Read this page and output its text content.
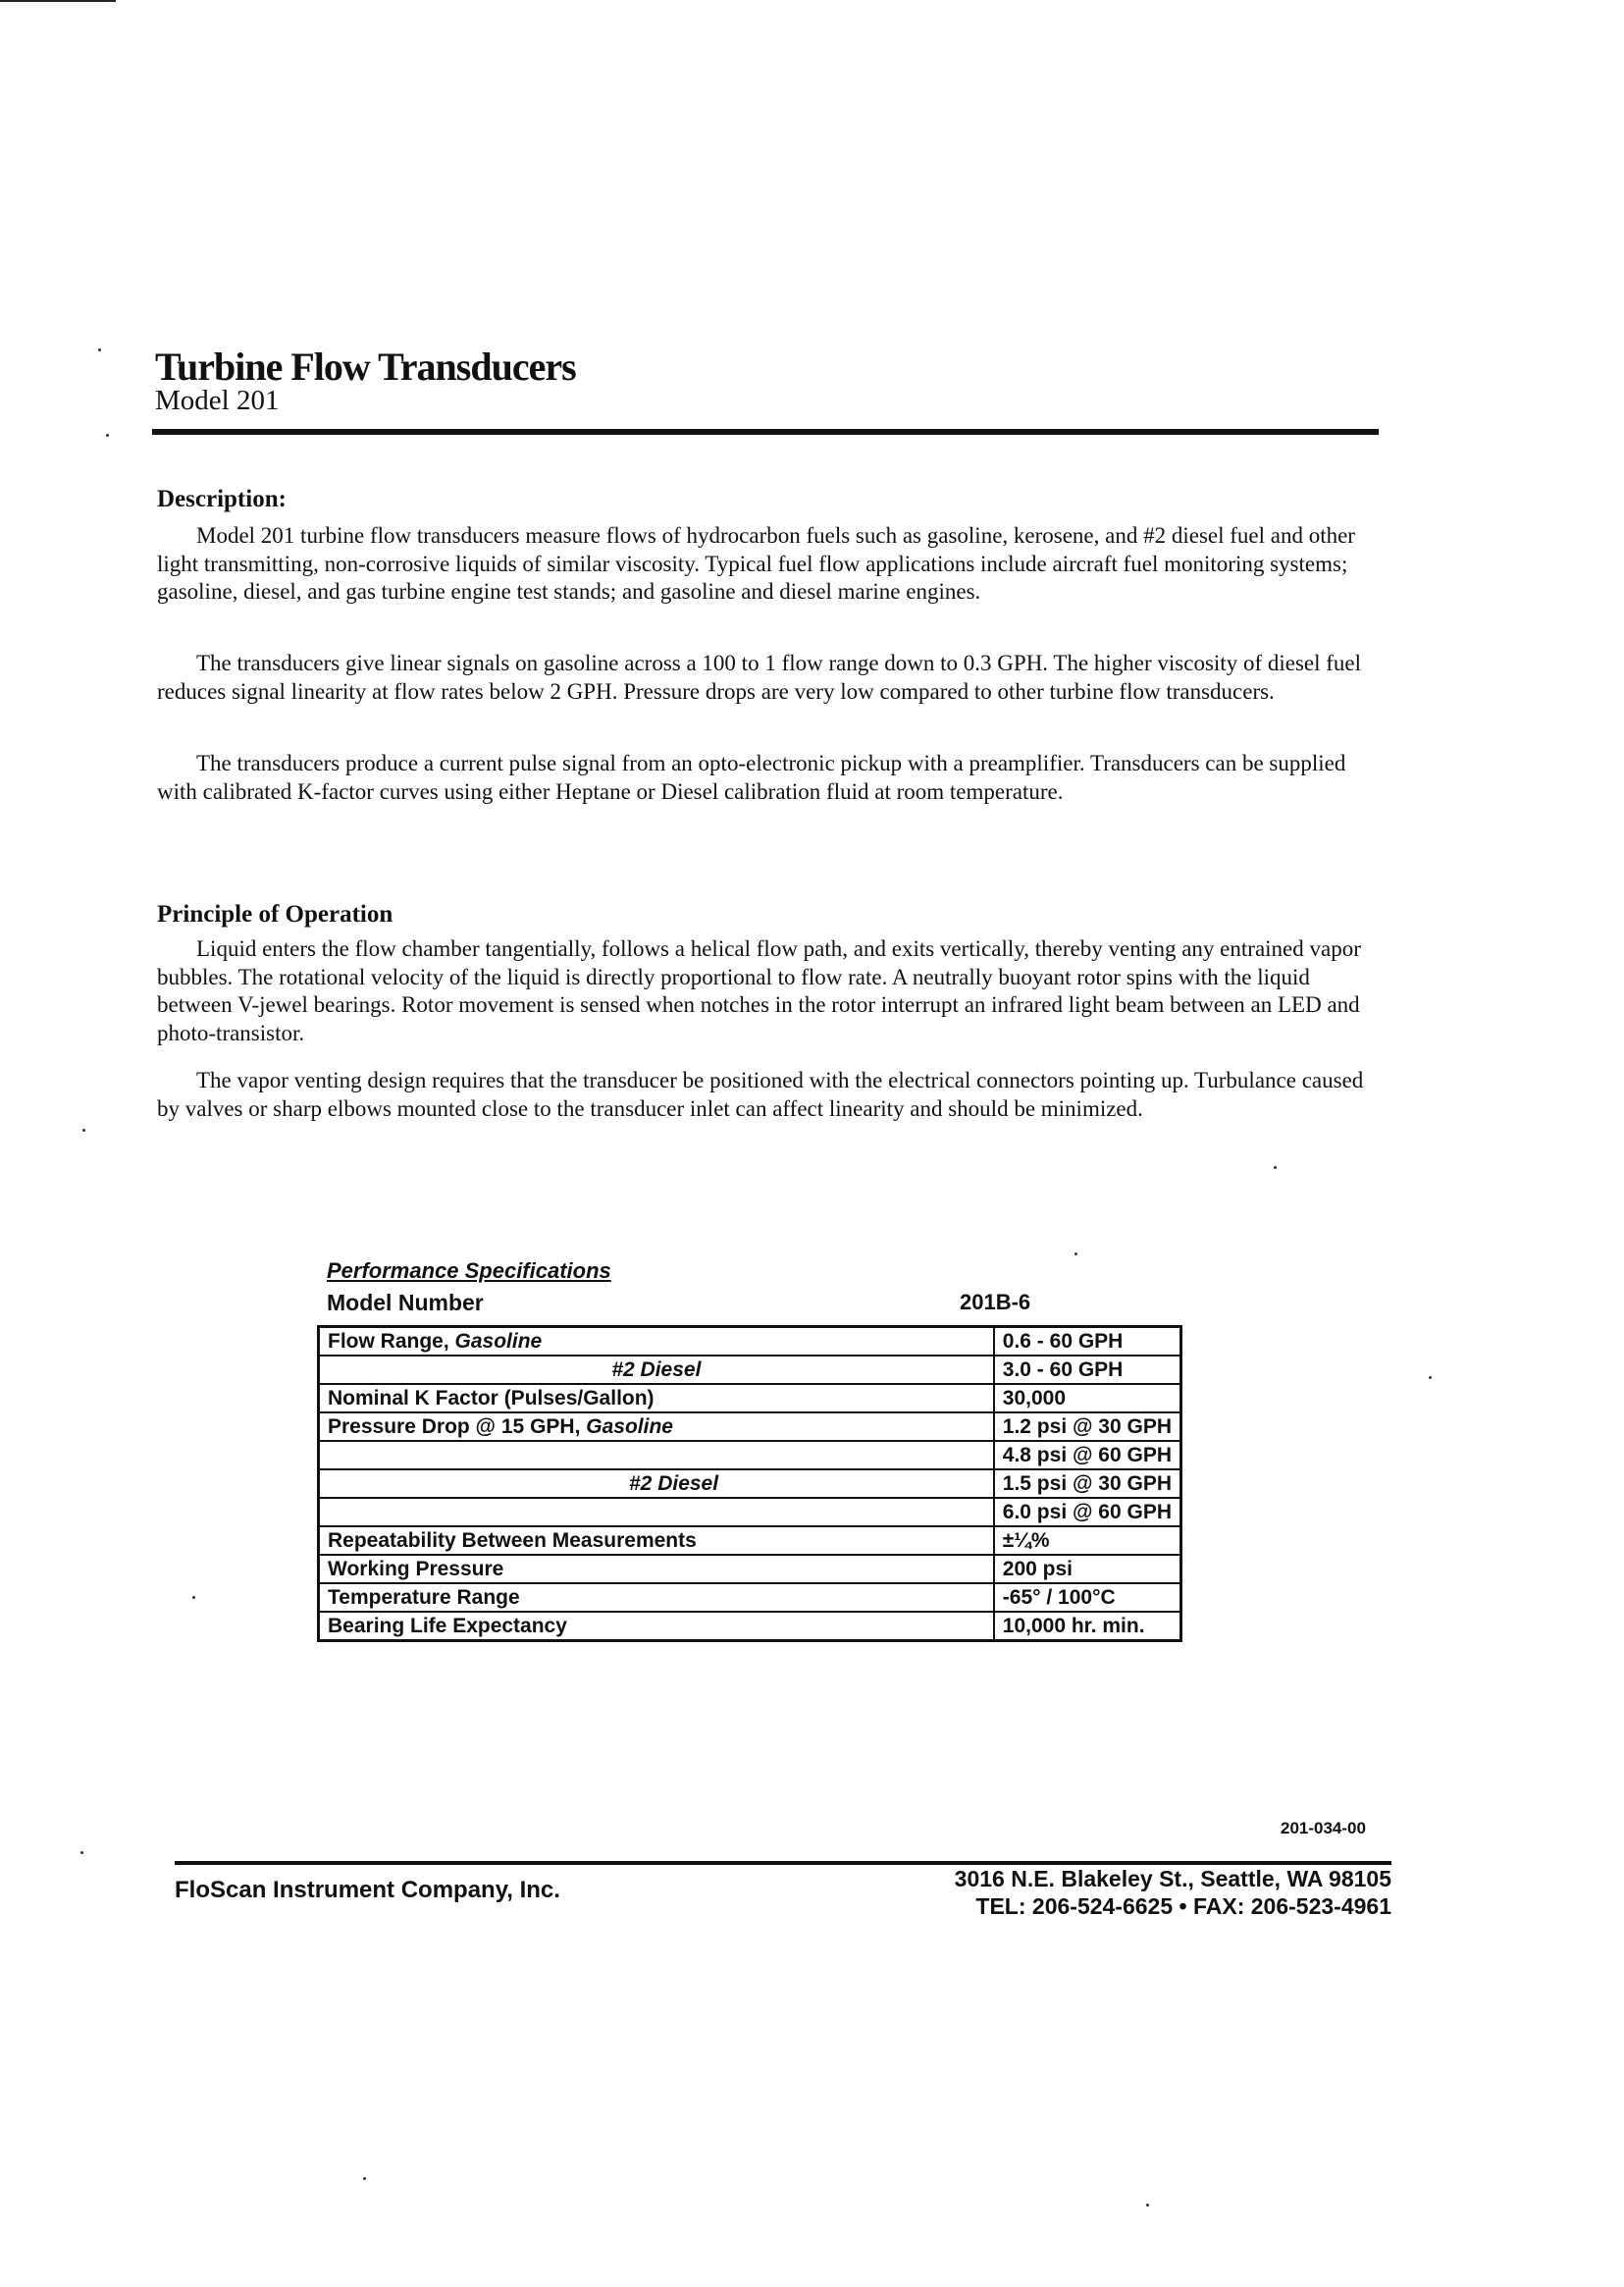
Turbine Flow Transducers
Model 201
Description:

Model 201 turbine flow transducers measure flows of hydrocarbon fuels such as gasoline, kerosene, and #2 diesel fuel and other light transmitting, non-corrosive liquids of similar viscosity. Typical fuel flow applications include aircraft fuel monitoring systems; gasoline, diesel, and gas turbine engine test stands; and gasoline and diesel marine engines.

The transducers give linear signals on gasoline across a 100 to 1 flow range down to 0.3 GPH. The higher viscosity of diesel fuel reduces signal linearity at flow rates below 2 GPH. Pressure drops are very low compared to other turbine flow transducers.

The transducers produce a current pulse signal from an opto-electronic pickup with a preamplifier. Transducers can be supplied with calibrated K-factor curves using either Heptane or Diesel calibration fluid at room temperature.

Principle of Operation

Liquid enters the flow chamber tangentially, follows a helical flow path, and exits vertically, thereby venting any entrained vapor bubbles. The rotational velocity of the liquid is directly proportional to flow rate. A neutrally buoyant rotor spins with the liquid between V-jewel bearings. Rotor movement is sensed when notches in the rotor interrupt an infrared light beam between an LED and photo-transistor.

The vapor venting design requires that the transducer be positioned with the electrical connectors pointing up. Turbulance caused by valves or sharp elbows mounted close to the transducer inlet can affect linearity and should be minimized.

Performance Specifications
Model Number	201B-6
Flow Range, Gasoline	0.6 - 60 GPH
#2 Diesel	3.0 - 60 GPH
Nominal K Factor (Pulses/Gallon)	30,000
Pressure Drop @ 15 GPH, Gasoline	1.2 psi @ 30 GPH
	4.8 psi @ 60 GPH
#2 Diesel	1.5 psi @ 30 GPH
	6.0 psi @ 60 GPH
Repeatability Between Measurements	±¼%
Working Pressure	200 psi
Temperature Range	-65° / 100°C
Bearing Life Expectancy	10,000 hr. min.
201-034-00
FloScan Instrument Company, Inc.	3016 N.E. Blakeley St., Seattle, WA 98105
TEL: 206-524-6625 • FAX: 206-523-4961
